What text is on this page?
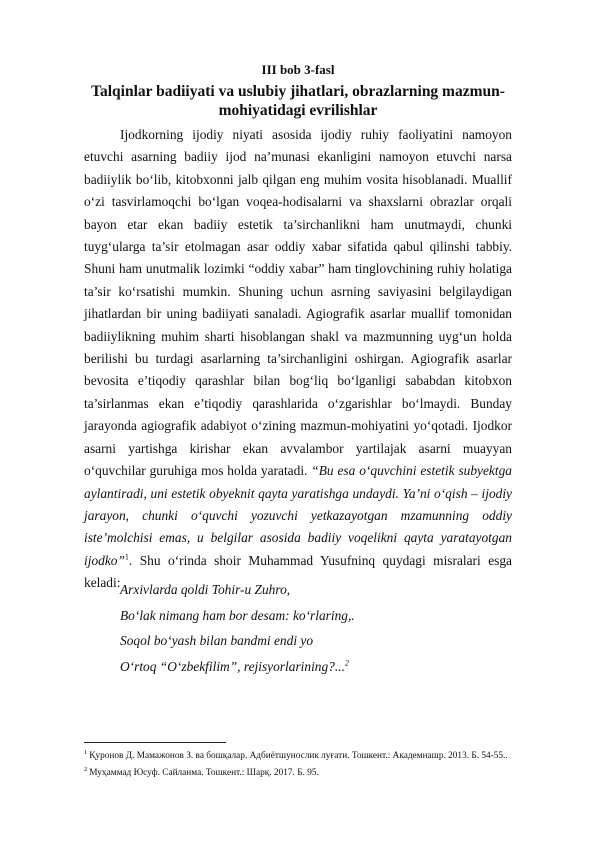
III bob 3-fasl
Talqinlar badiiyati va uslubiy jihatlari, obrazlarning mazmun-mohiyatidagi evrilishlar

Ijodkorning ijodiy niyati asosida ijodiy ruhiy faoliyatini namoyon etuvchi asarning badiiy ijod na’munasi ekanligini namoyon etuvchi narsa badiiylik bo‘lib, kitobxonni jalb qilgan eng muhim vosita hisoblanadi. Muallif o‘zi tasvirlamoqchi bo‘lgan voqea-hodisalarni va shaxslarni obrazlar orqali bayon etar ekan badiiy estetik ta’sirchanlikni ham unutmaydi, chunki tuyg‘ularga ta’sir etolmagan asar oddiy xabar sifatida qabul qilinshi tabbiy. Shuni ham unutmalik lozimki “oddiy xabar” ham tinglovchining ruhiy holatiga ta’sir ko‘rsatishi mumkin. Shuning uchun asrning saviyasini belgilaydigan jihatlardan bir uning badiiyati sanaladi. Agiografik asarlar muallif tomonidan badiiylikning muhim sharti hisoblangan shakl va mazmunning uyg‘un holda berilishi bu turdagi asarlarning ta’sirchanligini oshirgan. Agiografik asarlar bevosita e’tiqodiy qarashlar bilan bog‘liq bo‘lganligi sababdan kitobxon ta’sirlanmas ekan e’tiqodiy qarashlarida o‘zgarishlar bo‘lmaydi. Bunday jarayonda agiografik adabiyot o‘zining mazmun-mohiyatini yo‘qotadi. Ijodkor asarni yartishga kirishar ekan avvalambor yartilajak asarni muayyan o‘quvchilar guruhiga mos holda yaratadi. “Bu esa o‘quvchini estetik subyektga aylantiradi, uni estetik obyeknit qayta yaratishga undaydi. Ya’ni o‘qish – ijodiy jarayon, chunki o‘quvchi yozuvchi yetkazayotgan mzamunning oddiy iste’molchisi emas, u belgilar asosida badiiy voqelikni qayta yaratayotgan ijodko”$^1$. Shu o‘rinda shoir Muhammad Yusufninq quydagi misralari esga keladi: Arxivlarda qoldi Tohir-u Zuhro,
Bo‘lak nimang ham bor desam: ko‘rlaring,.
Soqol bo‘yash bilan bandmi endi yo
O‘rtoq “O‘zbekfilim”, rejisyorlarining?...$^2$
$^1$ Қуронов Д. Мамажонов З. ва бошқалар. Адбиётшунослик луғати. Тошкент.: Академнашр. 2013. Б. 54-55..
$^2$ Муҳаммад Юсуф. Сайланма. Тошкент.: Шарқ. 2017. Б. 95.
